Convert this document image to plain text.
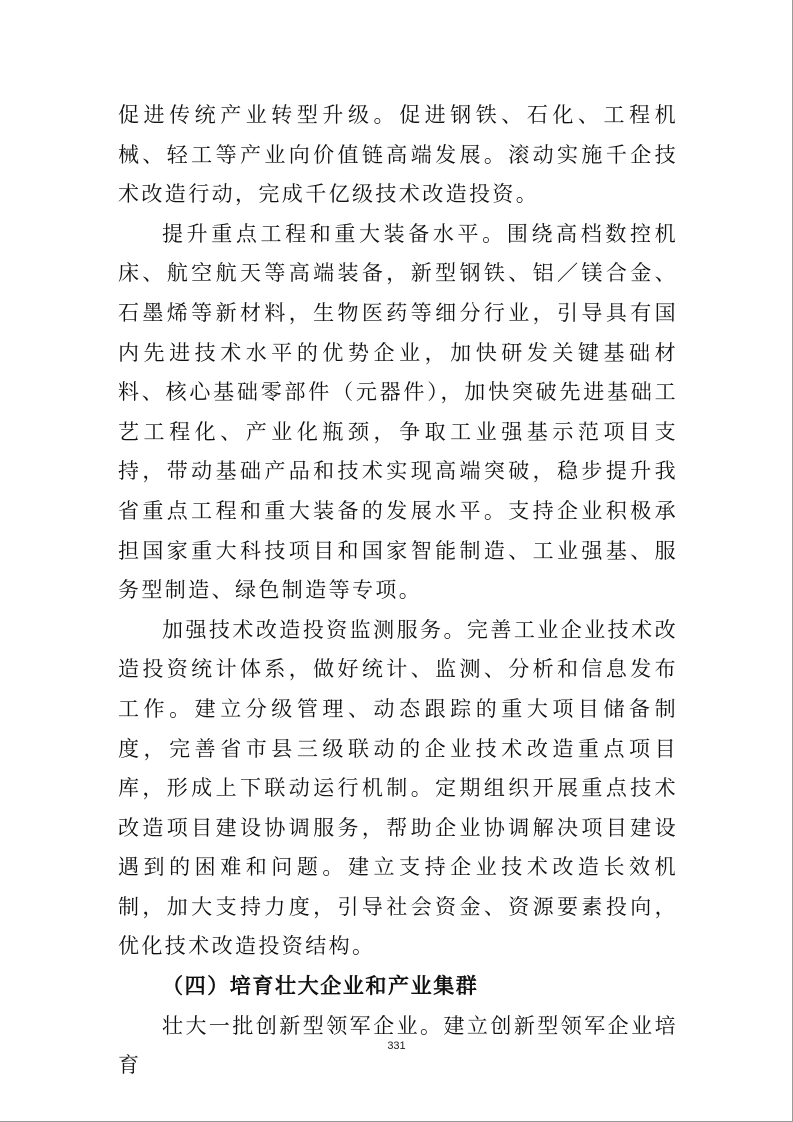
促进传统产业转型升级。促进钢铁、石化、工程机械、轻工等产业向价值链高端发展。滚动实施千企技术改造行动，完成千亿级技术改造投资。

提升重点工程和重大装备水平。围绕高档数控机床、航空航天等高端装备，新型钢铁、铝／镁合金、石墨烯等新材料，生物医药等细分行业，引导具有国内先进技术水平的优势企业，加快研发关键基础材料、核心基础零部件（元器件），加快突破先进基础工艺工程化、产业化瓶颈，争取工业强基示范项目支持，带动基础产品和技术实现高端突破，稳步提升我省重点工程和重大装备的发展水平。支持企业积极承担国家重大科技项目和国家智能制造、工业强基、服务型制造、绿色制造等专项。

加强技术改造投资监测服务。完善工业企业技术改造投资统计体系，做好统计、监测、分析和信息发布工作。建立分级管理、动态跟踪的重大项目储备制度，完善省市县三级联动的企业技术改造重点项目库，形成上下联动运行机制。定期组织开展重点技术改造项目建设协调服务，帮助企业协调解决项目建设遇到的困难和问题。建立支持企业技术改造长效机制，加大支持力度，引导社会资金、资源要素投向，优化技术改造投资结构。

（四）培育壮大企业和产业集群

壮大一批创新型领军企业。建立创新型领军企业培育

331
